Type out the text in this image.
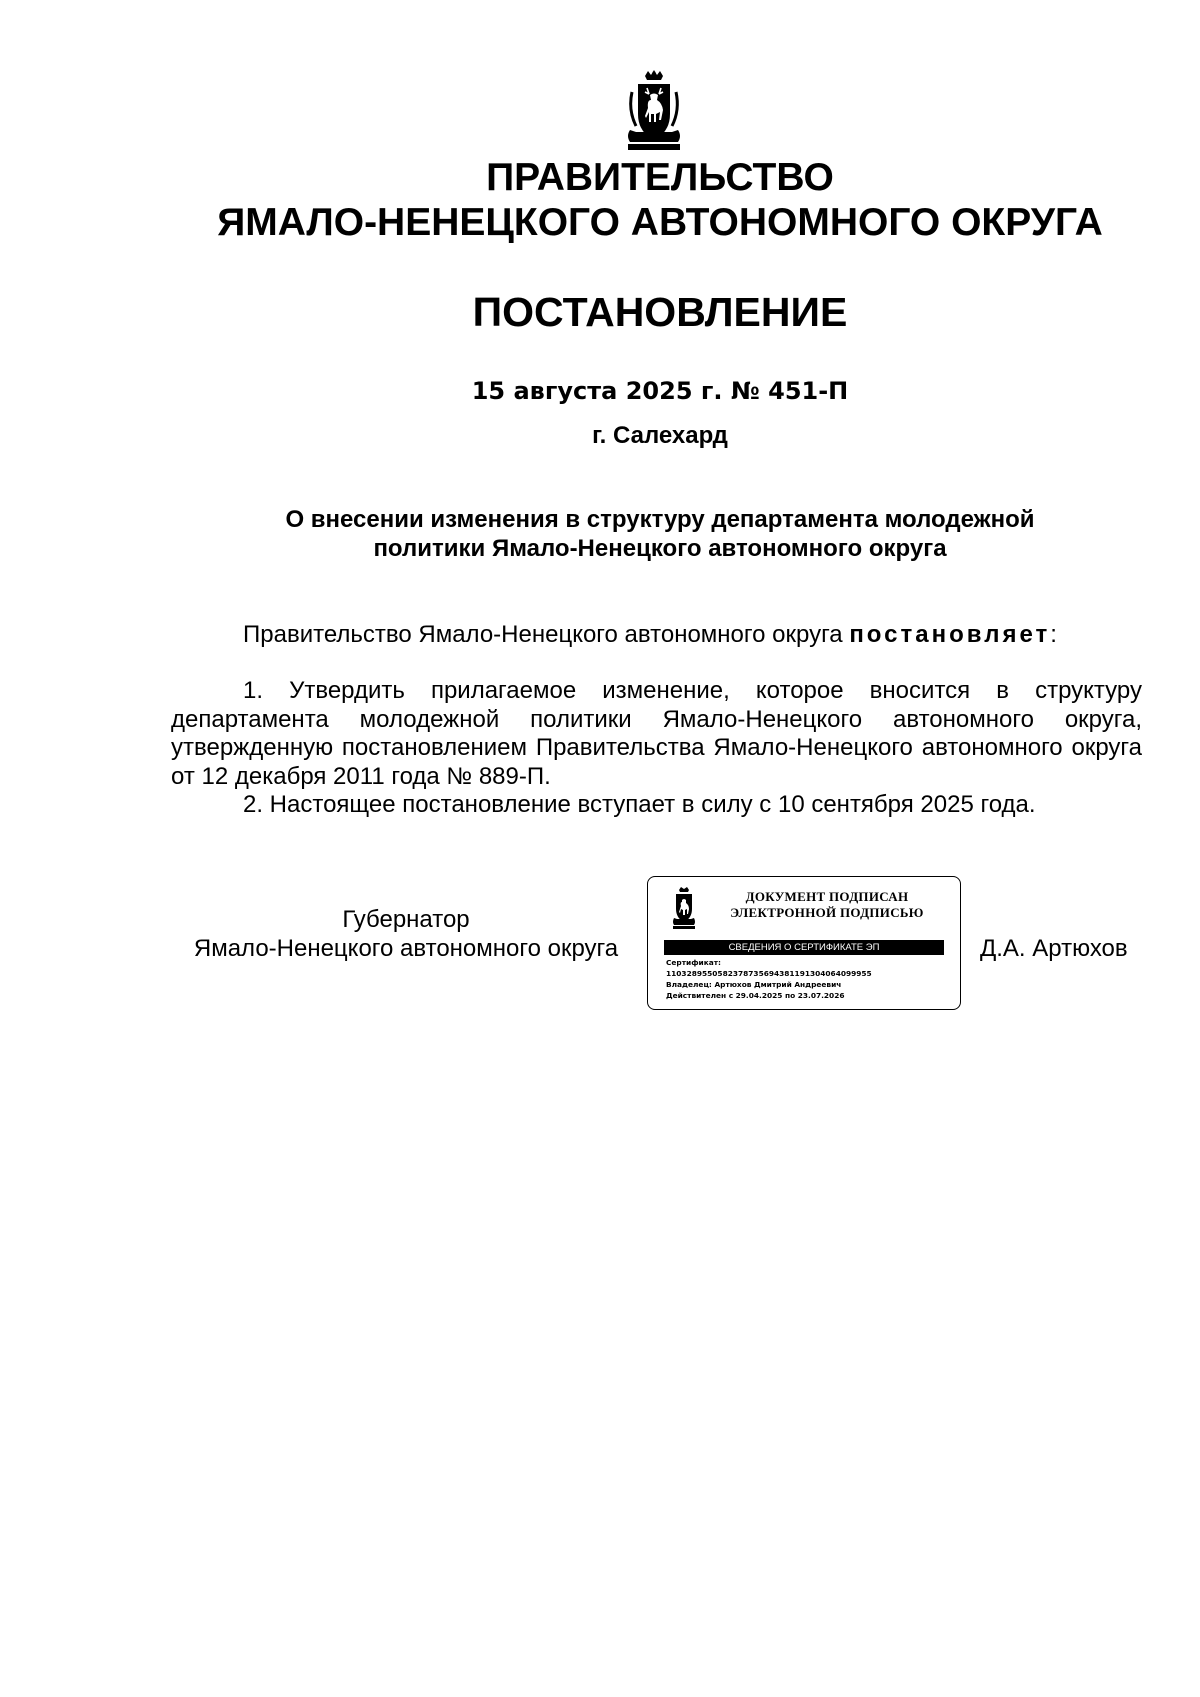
ПРАВИТЕЛЬСТВО
ЯМАЛО-НЕНЕЦКОГО АВТОНОМНОГО ОКРУГА
ПОСТАНОВЛЕНИЕ
15 августа 2025 г. № 451-П
г. Салехард
О внесении изменения в структуру департамента молодежной
политики Ямало-Ненецкого автономного округа
Правительство Ямало-Ненецкого автономного округа постановляет:

1. Утвердить прилагаемое изменение, которое вносится в структуру департамента молодежной политики Ямало-Ненецкого автономного округа, утвержденную постановлением Правительства Ямало-Ненецкого автономного округа от 12 декабря 2011 года № 889-П.

2. Настоящее постановление вступает в силу с 10 сентября 2025 года.

Губернатор
Ямало-Ненецкого автономного округа
ДОКУМЕНТ ПОДПИСАН
ЭЛЕКТРОННОЙ ПОДПИСЬЮ
СВЕДЕНИЯ О СЕРТИФИКАТЕ ЭП
Сертификат:
1103289550582378735694381191304064099955
Владелец: Артюхов Дмитрий Андреевич
Действителен с 29.04.2025 по 23.07.2026
Д.А. Артюхов
